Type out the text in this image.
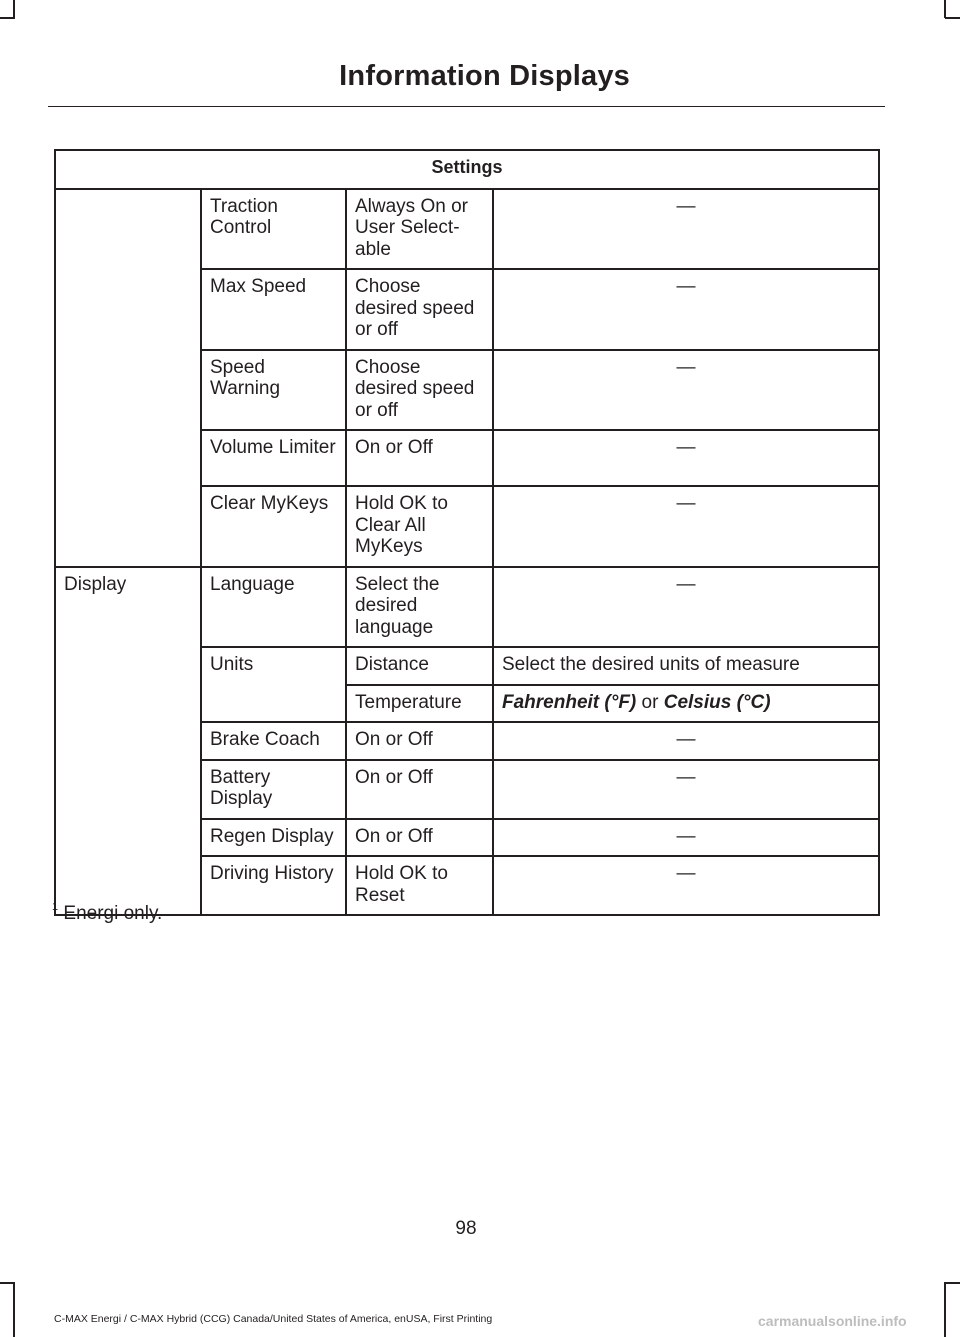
Information Displays
Settings			
	Traction Control	Always On or User Select-able	—
	Max Speed	Choose desired speed or off	—
	Speed Warning	Choose desired speed or off	—
	Volume Limiter	On or Off	—
	Clear MyKeys	Hold OK to Clear All MyKeys	—
Display	Language	Select the desired language	—
	Units	Distance	Select the desired units of measure
		Temperature	Fahrenheit (°F) or Celsius (°C)
	Brake Coach	On or Off	—
	Battery Display	On or Off	—
	Regen Display	On or Off	—
	Driving History	Hold OK to Reset	—
$^1$ Energi only.
98
C-MAX Energi / C-MAX Hybrid (CCG) Canada/United States of America, enUSA, First Printing	carmanualsonline.info
